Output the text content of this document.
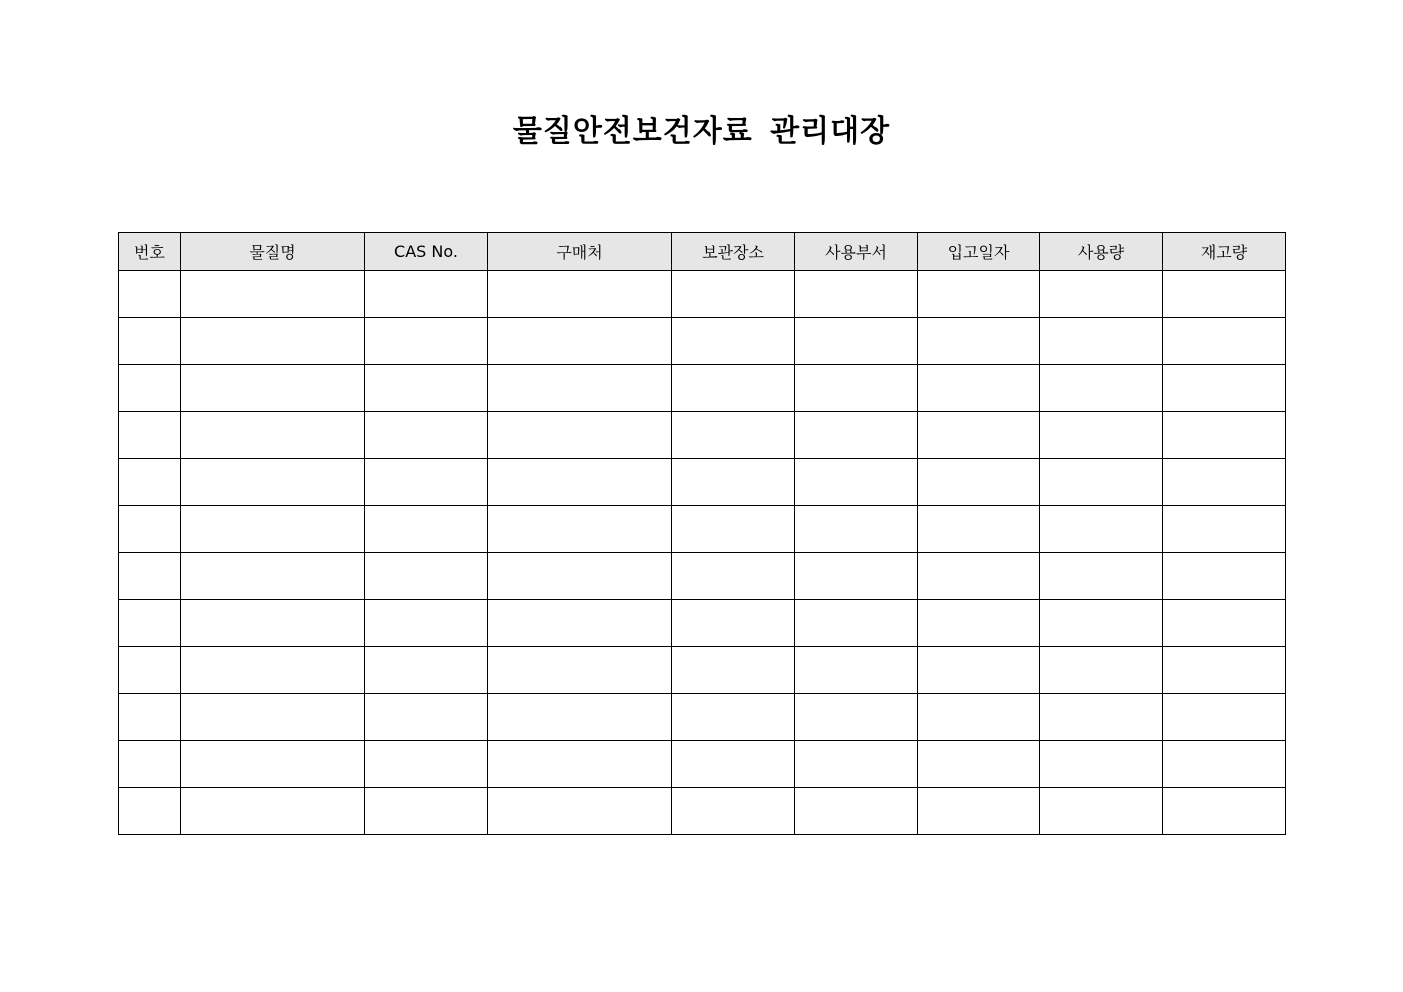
물질안전보건자료 관리대장
번호	물질명	CAS No.	구매처	보관장소	사용부서	입고일자	사용량	재고량
